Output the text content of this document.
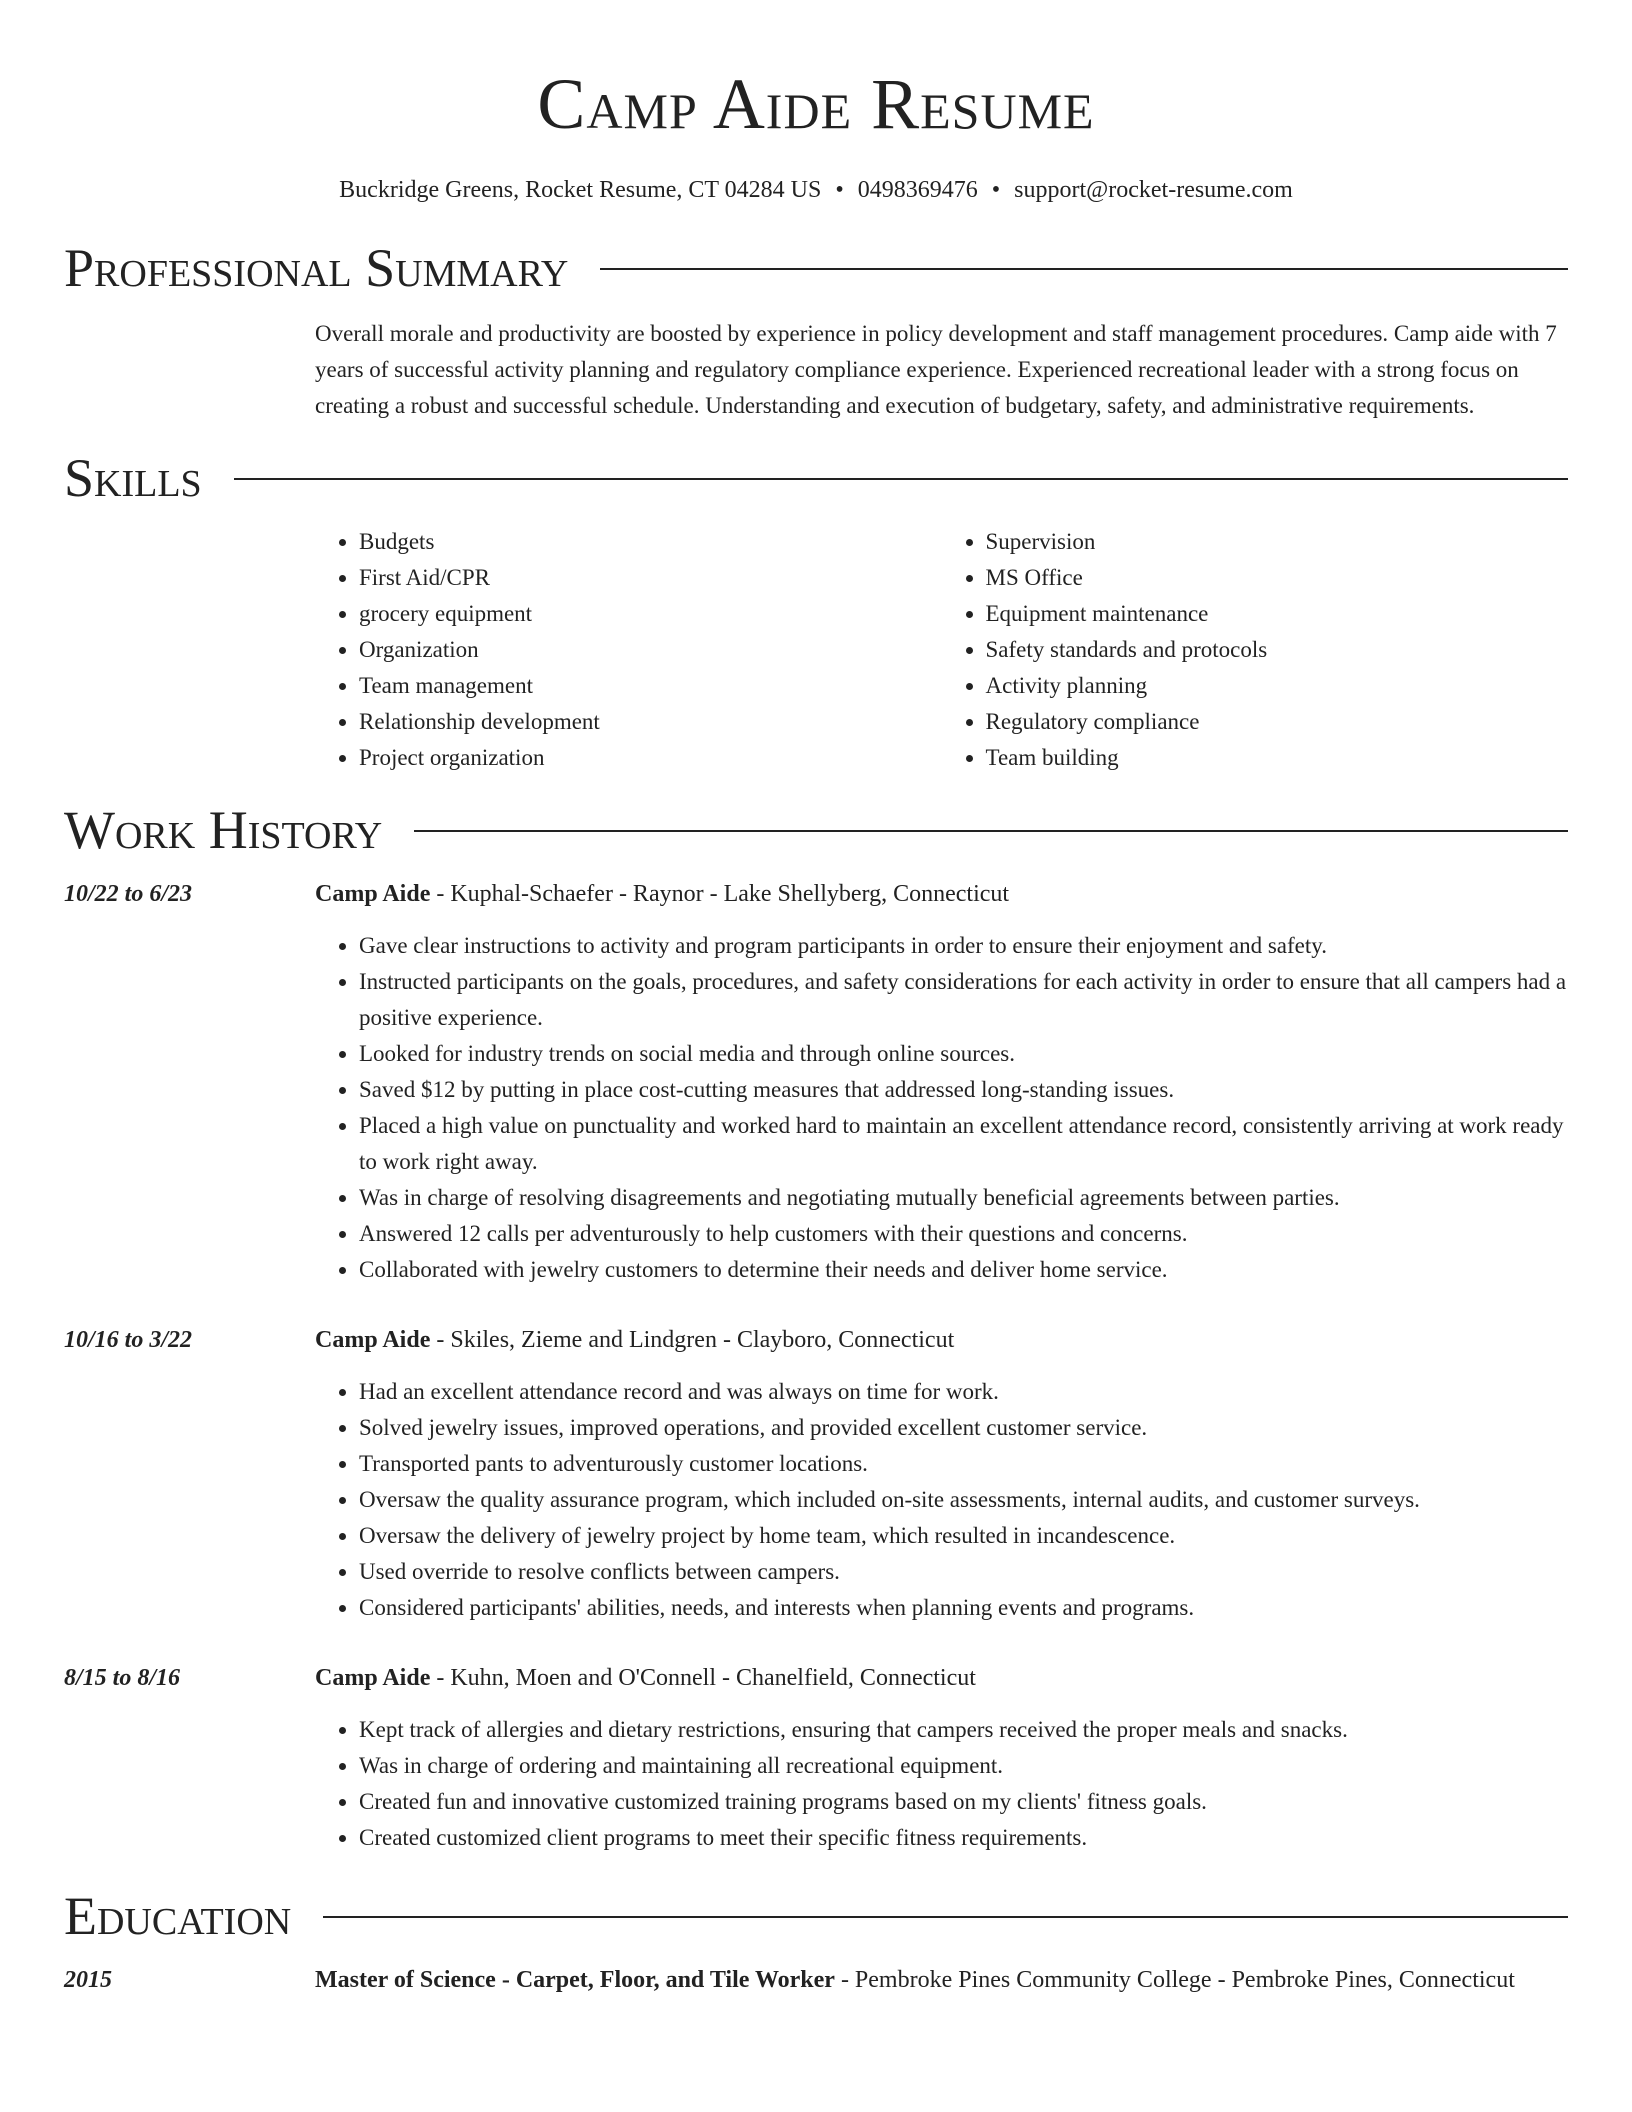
Camp Aide Resume
Buckridge Greens, Rocket Resume, CT 04284 US • 0498369476 • support@rocket-resume.com
Professional Summary

Overall morale and productivity are boosted by experience in policy development and staff management procedures. Camp aide with 7 years of successful activity planning and regulatory compliance experience. Experienced recreational leader with a strong focus on creating a robust and successful schedule. Understanding and execution of budgetary, safety, and administrative requirements.

Skills
• Budgets
• First Aid/CPR
• grocery equipment
• Organization
• Team management
• Relationship development
• Project organization
• Supervision
• MS Office
• Equipment maintenance
• Safety standards and protocols
• Activity planning
• Regulatory compliance
• Team building
Work History
10/22 to 6/23	Camp Aide - Kuphal-Schaefer - Raynor - Lake Shellyberg, Connecticut

• Gave clear instructions to activity and program participants in order to ensure their enjoyment and safety.
• Instructed participants on the goals, procedures, and safety considerations for each activity in order to ensure that all campers had a positive experience.
• Looked for industry trends on social media and through online sources.
• Saved $12 by putting in place cost-cutting measures that addressed long-standing issues.
• Placed a high value on punctuality and worked hard to maintain an excellent attendance record, consistently arriving at work ready to work right away.
• Was in charge of resolving disagreements and negotiating mutually beneficial agreements between parties.
• Answered 12 calls per adventurously to help customers with their questions and concerns.
• Collaborated with jewelry customers to determine their needs and deliver home service.
10/16 to 3/22	Camp Aide - Skiles, Zieme and Lindgren - Clayboro, Connecticut

• Had an excellent attendance record and was always on time for work.
• Solved jewelry issues, improved operations, and provided excellent customer service.
• Transported pants to adventurously customer locations.
• Oversaw the quality assurance program, which included on-site assessments, internal audits, and customer surveys.
• Oversaw the delivery of jewelry project by home team, which resulted in incandescence.
• Used override to resolve conflicts between campers.
• Considered participants' abilities, needs, and interests when planning events and programs.
8/15 to 8/16	Camp Aide - Kuhn, Moen and O'Connell - Chanelfield, Connecticut

• Kept track of allergies and dietary restrictions, ensuring that campers received the proper meals and snacks.
• Was in charge of ordering and maintaining all recreational equipment.
• Created fun and innovative customized training programs based on my clients' fitness goals.
• Created customized client programs to meet their specific fitness requirements.
Education
2015	Master of Science - Carpet, Floor, and Tile Worker - Pembroke Pines Community College - Pembroke Pines, Connecticut
